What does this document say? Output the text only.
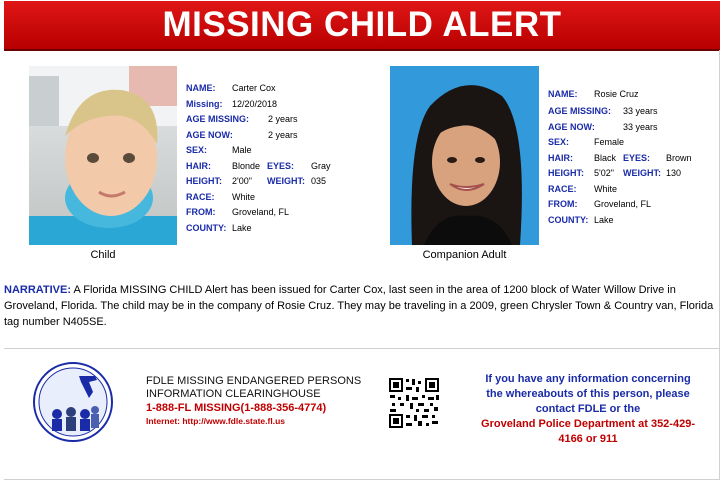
MISSING CHILD ALERT
Child
NAME: Carter Cox
Missing: 12/20/2018
AGE MISSING: 2 years
AGE NOW:	2 years
SEX:	Male
HAIR: Blonde EYES: Gray
HEIGHT: 2'00" WEIGHT: 035
RACE: White
FROM: Groveland, FL
COUNTY: Lake
Companion Adult
NAME: Rosie Cruz
AGE MISSING: 33 years
AGE NOW:	33 years
SEX:	Female
HAIR: Black EYES: Brown
HEIGHT: 5'02" WEIGHT: 130
RACE: White
FROM: Groveland, FL
COUNTY: Lake
NARRATIVE: A Florida MISSING CHILD Alert has been issued for Carter Cox, last seen in the area of 1200 block of Water Willow Drive in Groveland, Florida. The child may be in the company of Rosie Cruz. They may be traveling in a 2009, green Chrysler Town & Country van, Florida tag number N405SE.
FDLE MISSING ENDANGERED PERSONS
INFORMATION CLEARINGHOUSE
1-888-FL MISSING(1-888-356-4774)
Internet: http://www.fdle.state.fl.us
If you have any information concerning
the whereabouts of this person, please
contact FDLE or the
Groveland Police Department at 352-429-
4166 or 911
